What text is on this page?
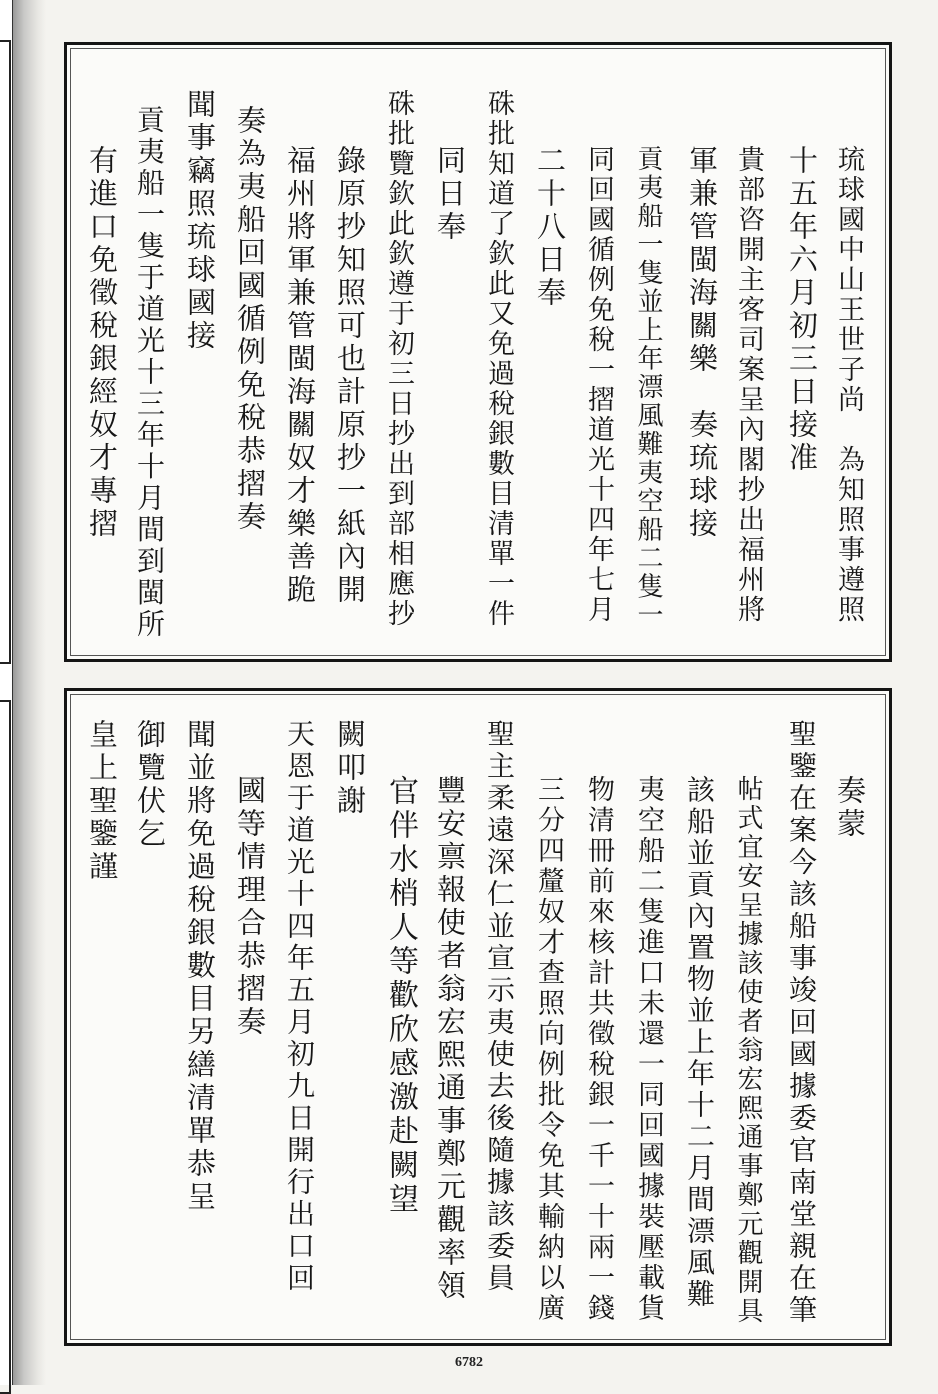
琉球國中山王世子尚　為知照事遵照
十五年六月初三日接准
貴部咨開主客司案呈內閣抄出福州將
軍兼管閩海關樂　奏琉球接
貢夷船一隻並上年漂風難夷空船二隻一
同回國循例免稅一摺道光十四年七月
二十八日奉
硃批知道了欽此又免過稅銀數目清單一件
同日奉
硃批覽欽此欽遵于初三日抄出到部相應抄
錄原抄知照可也計原抄一紙內開
福州將軍兼管閩海關奴才樂善跪
奏為夷船回國循例免稅恭摺奏
聞事竊照琉球國接
貢夷船一隻于道光十三年十月間到閩所
有進口免徵稅銀經奴才專摺
奏蒙
聖鑒在案今該船事竣回國據委官南堂親在筆
帖式宜安呈據該使者翁宏熙通事鄭元觀開具
該船並貢內置物並上年十二月間漂風難
夷空船二隻進口未還一同回國據裝壓載貨
物清冊前來核計共徵稅銀一千一十兩一錢
三分四釐奴才查照向例批令免其輸納以廣
聖主柔遠深仁並宣示夷使去後隨據該委員
豐安禀報使者翁宏熙通事鄭元觀率領
官伴水梢人等歡欣感激赴闕望
闕叩謝
天恩于道光十四年五月初九日開行出口回
國等情理合恭摺奏
聞並將免過稅銀數目另繕清單恭呈
御覽伏乞
皇上聖鑒謹
6782
